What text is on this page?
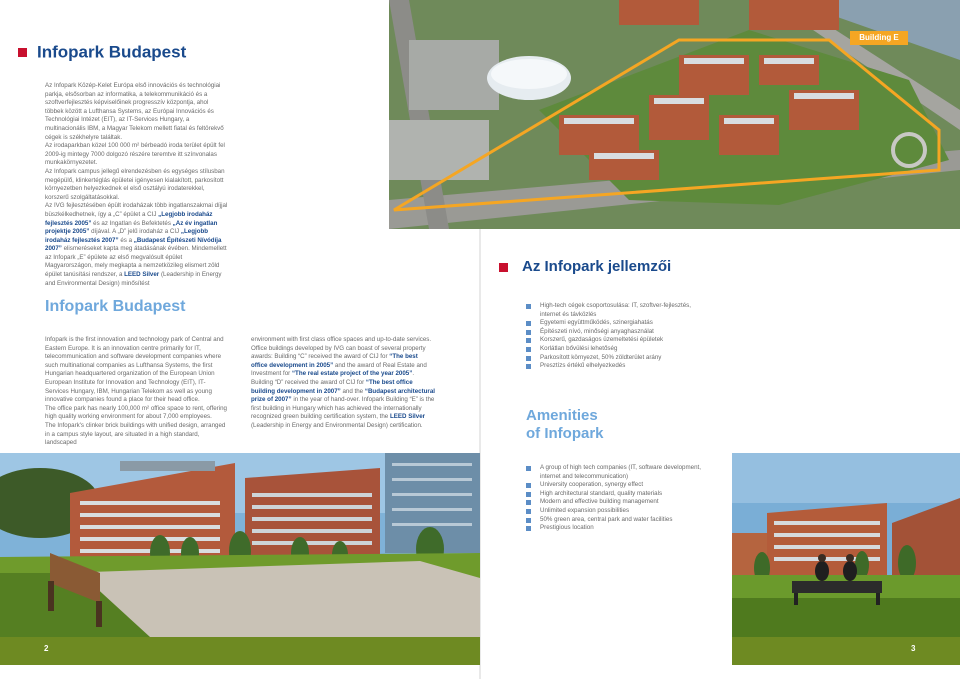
Infopark Budapest

Az Infopark Közép-Kelet Európa első innovációs és technológiai parkja, elsősorban az informatika, a telekommunikáció és a szoftverfejlesztés képviselőinek progresszív központja, ahol többek között a Lufthansa Systems, az Európai Innovációs és Technológiai Intézet (EIT), az IT-Services Hungary, a multinacionális IBM, a Magyar Telekom mellett fiatal és feltörekvő cégek is székhelyre találtak.

Az irodaparkban közel 100 000 m² bérbeadó iroda terület épült fel 2009-ig mintegy 7000 dolgozó részére teremtve itt színvonalas munkakörnyezetet.

Az Infopark campus jellegű elrendezésben és egységes stílusban megépülő, klinkertéglás épületei igényesen kialakított, parkosított környezetben helyezkednek el első osztályú irodaterekkel, korszerű szolgáltatásokkal.

Az IVG fejlesztésében épült irodaházak több ingatlanszakmai díjjal büszkélkedhetnek, így a „C” épület a CIJ „Legjobb irodaház fejlesztés 2005” és az Ingatlan és Befektetés „Az év ingatlan projektje 2005” díjával. A „D” jelű irodaház a CIJ „Legjobb irodaház fejlesztés 2007” és a „Budapest Építészeti Nívódíja 2007” elismeréseket kapta meg átadásának évében. Mindemellett az Infopark „E” épülete az első megvalósult épület Magyarországon, mely megkapta a nemzetközileg elismert zöld épület tanúsítási rendszer, a LEED Silver (Leadership in Energy and Environmental Design) minősítést

Infopark Budapest

Infopark is the first innovation and technology park of Central and Eastern Europe. It is an innovation centre primarily for IT, telecommunication and software development companies where such multinational companies as Lufthansa Systems, the first Hungarian headquartered organization of the European Union European Institute for Innovation and Technology (EIT), IT-Services Hungary, IBM, Hungarian Telekom as well as young innovative companies found a place for their head office.

The office park has nearly 100,000 m² office space to rent, offering high quality working environment for about 7,000 employees.

The Infopark's clinker brick buildings with unified design, arranged in a campus style layout, are situated in a high standard, landscaped

environment with first class office spaces and up-to-date services. Office buildings developed by IVG can boast of several property awards: Building “C” received the award of CIJ for “The best office development in 2005” and the award of Real Estate and Investment for “The real estate project of the year 2005”. Building “D” received the award of CIJ for “The best office building development in 2007” and the “Budapest architectural prize of 2007” in the year of hand-over. Infopark Building “E” is the first building in Hungary which has achieved the internationally recognized green building certification system, the LEED Silver (Leadership in Energy and Environmental Design) certification.

2
Building E
Az Infopark jellemzői
High-tech cégek csoportosulása: IT, szoftver-fejlesztés, internet és távközlés
Egyetemi együttműködés, szinergiahatás
Építészeti nívó, minőségi anyaghasználat
Korszerű, gazdaságos üzemeltetési épületek
Korlátlan bővülési lehetőség
Parkosított környezet, 50% zöldterület arány
Presztízs értékű elhelyezkedés
Amenities
of Infopark
A group of high tech companies (IT, software development, internet and telecommunication)
University cooperation, synergy effect
High architectural standard, quality materials
Modern and effective building management
Unlimited expansion possibilities
50% green area, central park and water facilities
Prestigious location
3
